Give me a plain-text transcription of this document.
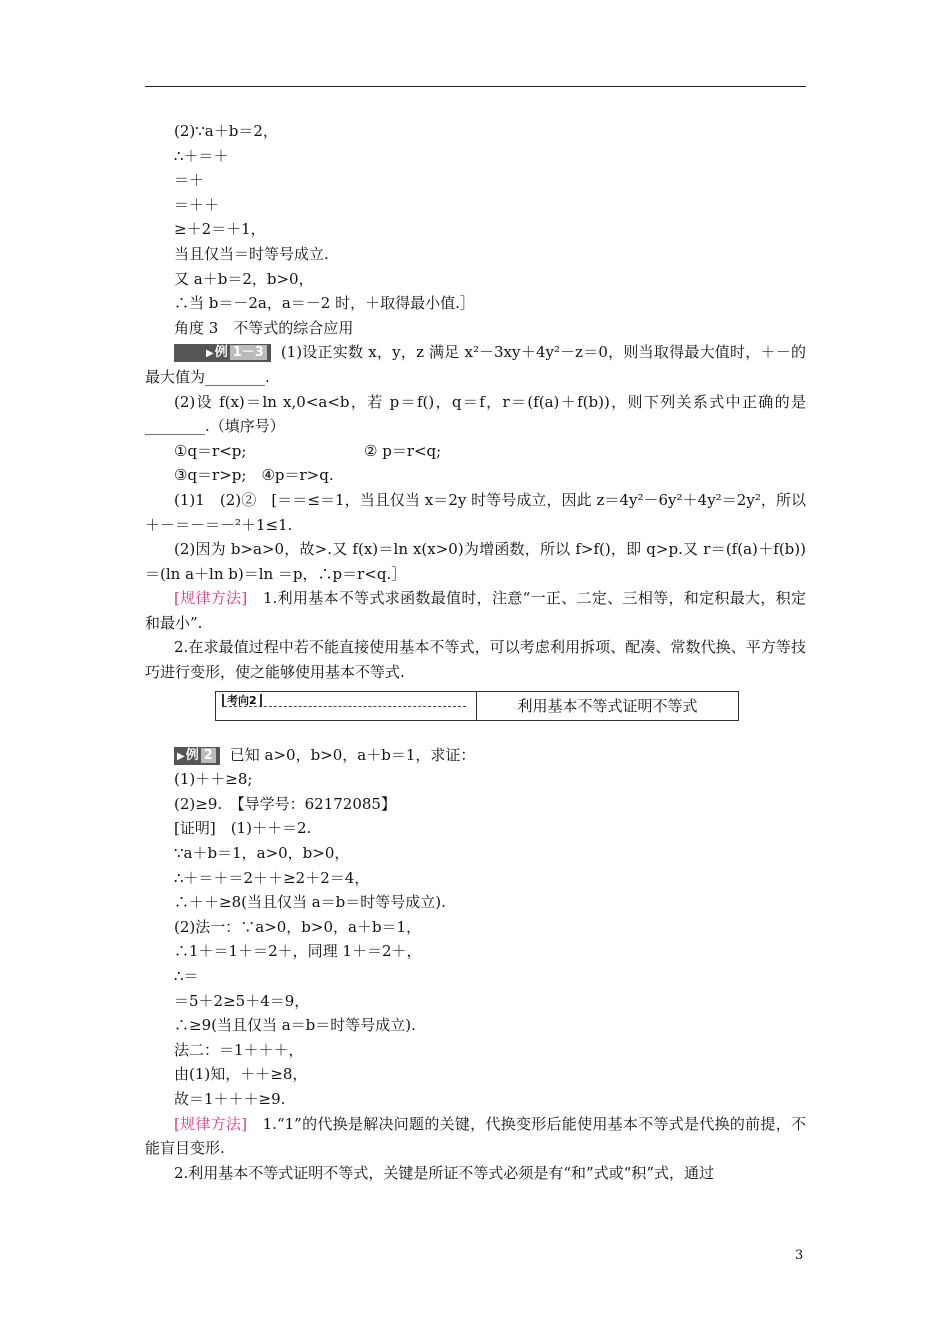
(2)∵a＋b＝2，
∴＋＝＋
＝＋
＝＋＋
≥＋2＝＋1，
当且仅当＝时等号成立.
又 a＋b＝2，b>0，
∴当 b＝－2a，a＝－2 时，＋取得最小值.］
角度 3　不等式的综合应用
▶例 1－3 (1)设正实数 x，y，z 满足 x²－3xy＋4y²－z＝0，则当取得最大值时，＋－的最大值为________.
(2)设 f(x)＝ln x,0<a<b，若 p＝f()，q＝f，r＝(f(a)＋f(b))，则下列关系式中正确的是________.（填序号）
①q＝r<p;	② p＝r<q;
③q＝r>p;　④p＝r>q.
(1)1　(2)②　[＝＝≤＝1，当且仅当 x＝2y 时等号成立，因此 z＝4y²－6y²＋4y²＝2y²，所以＋－＝－＝－²＋1≤1.
(2)因为 b>a>0，故>.又 f(x)＝ln x(x>0)为增函数，所以 f>f()，即 q>p.又 r＝(f(a)＋f(b))＝(ln a＋ln b)＝ln ＝p，∴p＝r<q.］
[规律方法]　 1.利用基本不等式求函数最值时，注意“一正、二定、三相等，和定积最大，积定和最小”.
2.在求最值过程中若不能直接使用基本不等式，可以考虑利用拆项、配凑、常数代换、平方等技巧进行变形，使之能够使用基本不等式.
考向2	利用基本不等式证明不等式
▶例 2 已知 a>0，b>0，a＋b＝1，求证：
(1)＋＋≥8;
(2)≥9.　【导学号：62172085】
[证明]　(1)＋＋＝2.
∵a＋b＝1，a>0，b>0，
∴＋＝＋＝2＋＋≥2＋2＝4，
∴＋＋≥8(当且仅当 a＝b＝时等号成立).
(2)法一：∵a>0，b>0，a＋b＝1，
∴1＋＝1＋＝2＋，同理 1＋＝2＋，
∴＝
＝5＋2≥5＋4＝9，
∴≥9(当且仅当 a＝b＝时等号成立).
法二：＝1＋＋＋，
由(1)知，＋＋≥8，
故＝1＋＋＋≥9.
[规律方法]　 1.“1”的代换是解决问题的关键，代换变形后能使用基本不等式是代换的前提，不能盲目变形.
2.利用基本不等式证明不等式，关键是所证不等式必须是有“和”式或“积”式，通过
3
